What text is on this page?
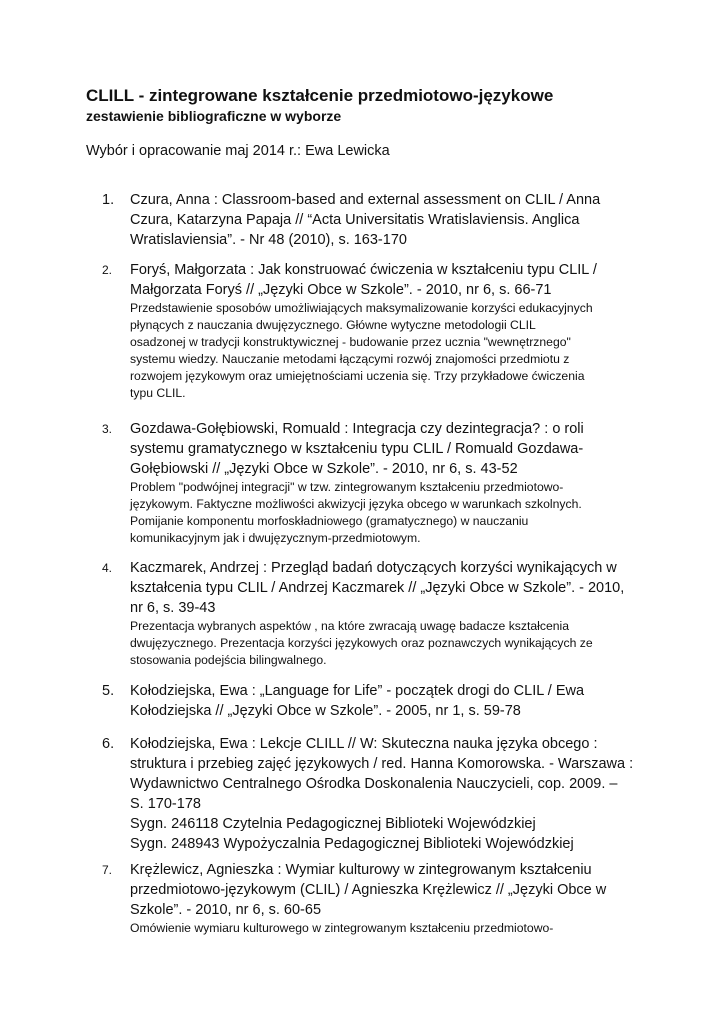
CLILL - zintegrowane kształcenie przedmiotowo-językowe
zestawienie bibliograficzne w wyborze
Wybór i opracowanie maj 2014 r.: Ewa Lewicka
1. Czura, Anna : Classroom-based and external assessment on CLIL / Anna
Czura, Katarzyna Papaja // “Acta Universitatis Wratislaviensis. Anglica
Wratislaviensia”. - Nr 48 (2010), s. 163-170
2. Foryś, Małgorzata : Jak konstruować ćwiczenia w kształceniu typu CLIL /
Małgorzata Foryś // „Języki Obce w Szkole”. - 2010, nr 6, s. 66-71
Przedstawienie sposobów umożliwiających maksymalizowanie korzyści edukacyjnych
płynących z nauczania dwujęzycznego. Główne wytyczne metodologii CLIL
osadzonej w tradycji konstruktywicznej - budowanie przez ucznia "wewnętrznego"
systemu wiedzy. Nauczanie metodami łączącymi rozwój znajomości przedmiotu z
rozwojem językowym oraz umiejętnościami uczenia się. Trzy przykładowe ćwiczenia
typu CLIL.
3. Gozdawa-Gołębiowski, Romuald : Integracja czy dezintegracja? : o roli
systemu gramatycznego w kształceniu typu CLIL / Romuald Gozdawa-
Gołębiowski // „Języki Obce w Szkole”. - 2010, nr 6, s. 43-52
Problem "podwójnej integracji" w tzw. zintegrowanym kształceniu przedmiotowo-
językowym. Faktyczne możliwości akwizycji języka obcego w warunkach szkolnych.
Pomijanie komponentu morfoskładniowego (gramatycznego) w nauczaniu
komunikacyjnym jak i dwujęzycznym-przedmiotowym.
4. Kaczmarek, Andrzej : Przegląd badań dotyczących korzyści wynikających w
kształcenia typu CLIL / Andrzej Kaczmarek // „Języki Obce w Szkole”. - 2010,
nr 6, s. 39-43
Prezentacja wybranych aspektów , na które zwracają uwagę badacze kształcenia
dwujęzycznego. Prezentacja korzyści językowych oraz poznawczych wynikających ze
stosowania podejścia bilingwalnego.
5. Kołodziejska, Ewa : „Language for Life” - początek drogi do CLIL / Ewa
Kołodziejska // „Języki Obce w Szkole”. - 2005, nr 1, s. 59-78
6. Kołodziejska, Ewa : Lekcje CLILL // W: Skuteczna nauka języka obcego :
struktura i przebieg zajęć językowych / red. Hanna Komorowska. - Warszawa :
Wydawnictwo Centralnego Ośrodka Doskonalenia Nauczycieli, cop. 2009. –
S. 170-178
Sygn. 246118 Czytelnia Pedagogicznej Biblioteki Wojewódzkiej
Sygn. 248943 Wypożyczalnia Pedagogicznej Biblioteki Wojewódzkiej
7. Krężlewicz, Agnieszka : Wymiar kulturowy w zintegrowanym kształceniu
przedmiotowo-językowym (CLIL) / Agnieszka Krężlewicz // „Języki Obce w
Szkole”. - 2010, nr 6, s. 60-65
Omówienie wymiaru kulturowego w zintegrowanym kształceniu przedmiotowo-
